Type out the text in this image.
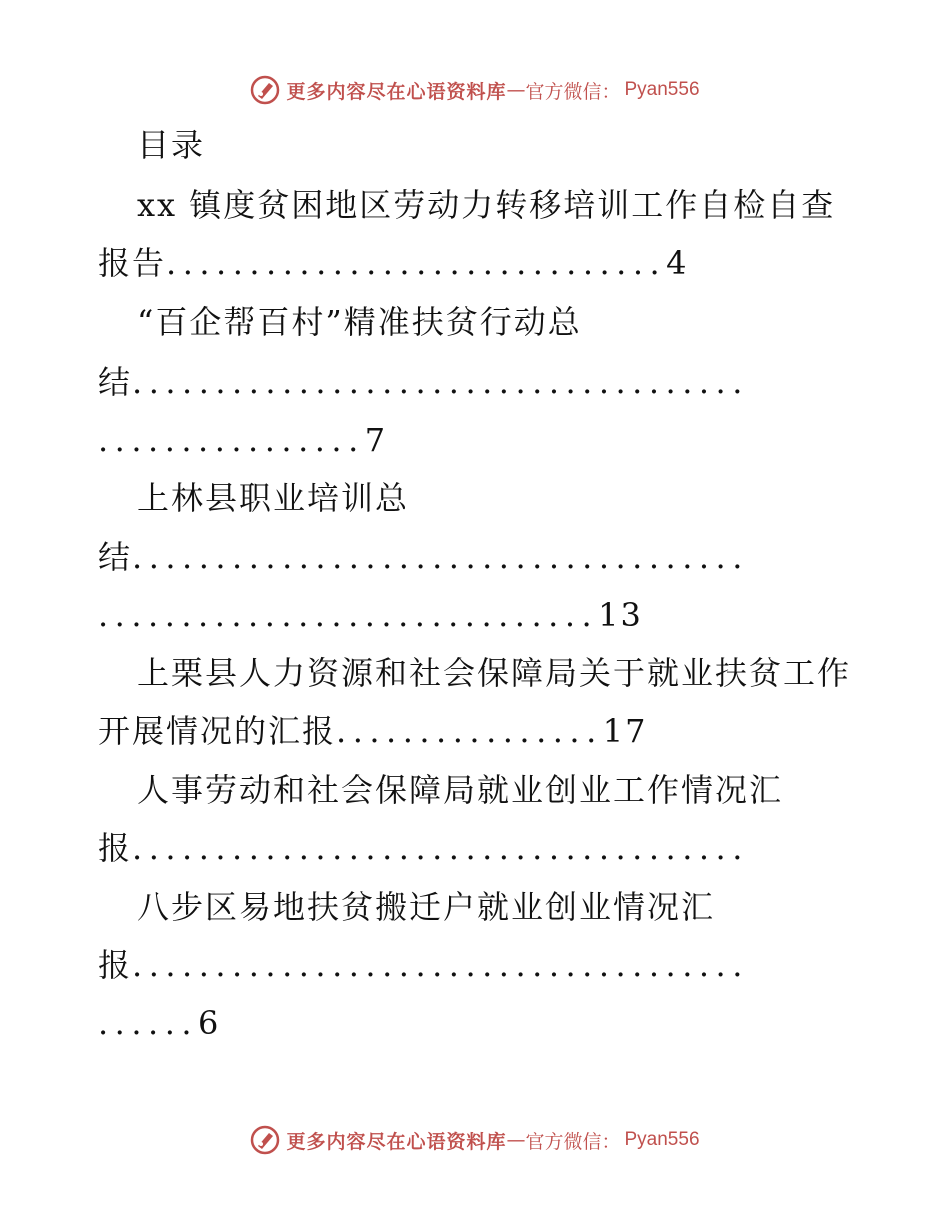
更多内容尽在心语资料库 — 官方微信： Pyan556
目录
xx 镇度贫困地区劳动力转移培训工作自检自查
报告..............................4
“百企帮百村”精准扶贫行动总
结.....................................
................7
上林县职业培训总
结.....................................
..............................13
上栗县人力资源和社会保障局关于就业扶贫工作
开展情况的汇报................17
人事劳动和社会保障局就业创业工作情况汇
报.....................................
八步区易地扶贫搬迁户就业创业情况汇
报.....................................
......6
更多内容尽在心语资料库 — 官方微信： Pyan556
